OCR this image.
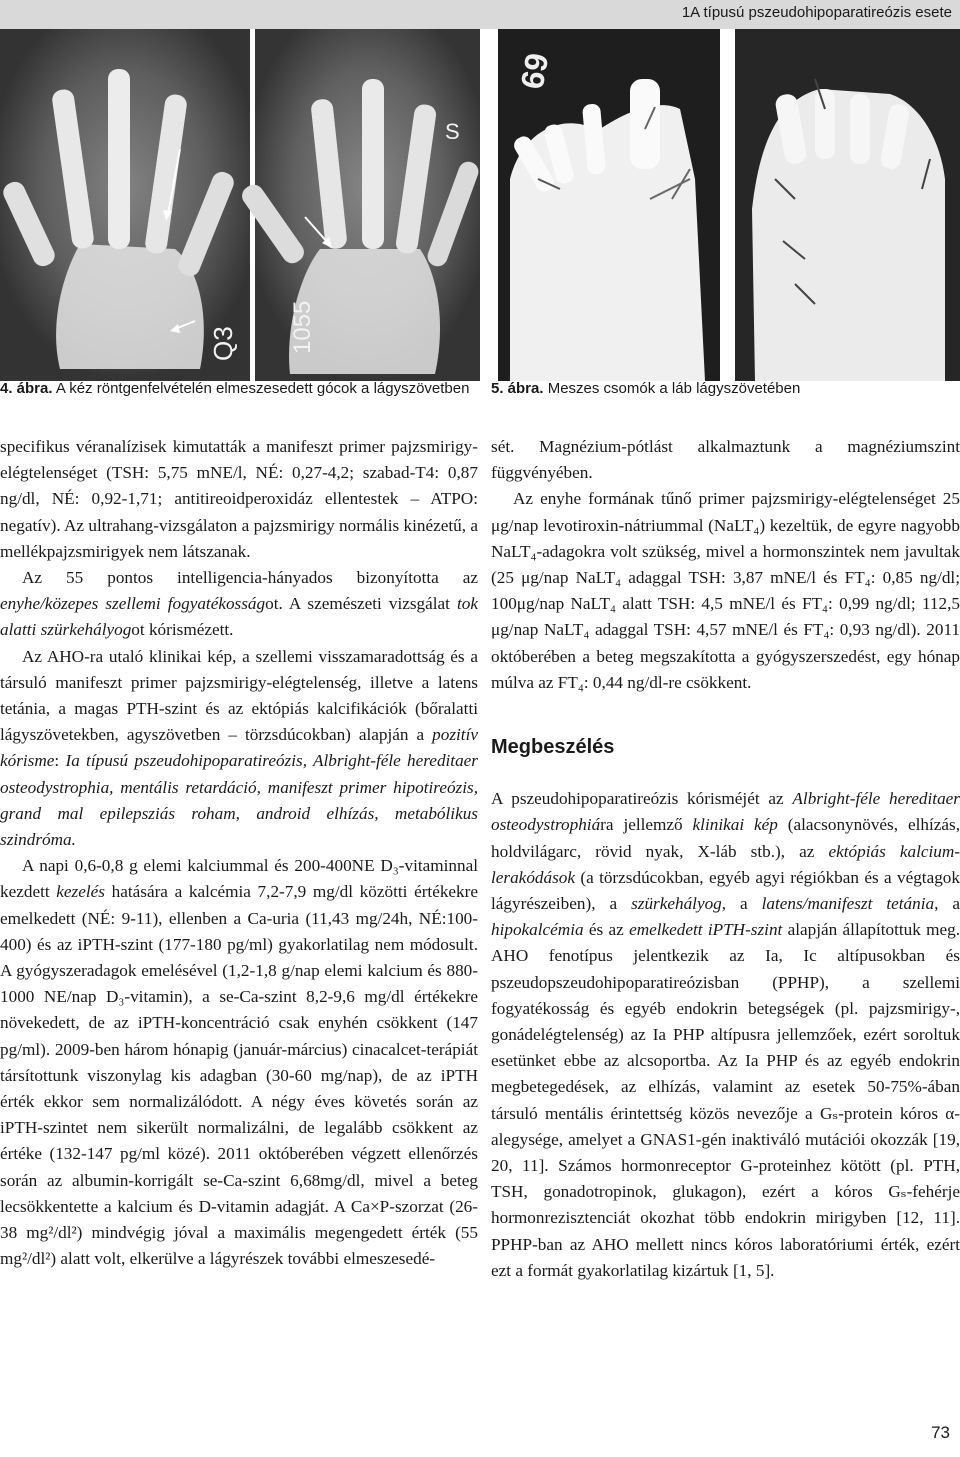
1A típusú pszeudohipoparatireózis esete
S
Q3 1055
69
4. ábra. A kéz röntgenfelvételén elmeszesedett gócok a lágyszövetben 5. ábra. Meszes csomók a láb lágyszövetében

specifikus véranalízisek kimutatták a manifeszt primer pajzsmirigy-elégtelenséget (TSH: 5,75 mNE/l, NÉ: 0,27-4,2; szabad-T4: 0,87 ng/dl, NÉ: 0,92-1,71; antitireoidperoxidáz ellentestek – ATPO: negatív). Az ultrahang-vizsgálaton a pajzsmirigy normális kinézetű, a mellékpajzsmirigyek nem látszanak.

Az 55 pontos intelligencia-hányados bizonyította az enyhe/közepes szellemi fogyatékosságot. A szemészeti vizsgálat tok alatti szürkehályogot kórismézett.

Az AHO-ra utaló klinikai kép, a szellemi visszamaradottság és a társuló manifeszt primer pajzsmirigy-elégtelenség, illetve a latens tetánia, a magas PTH-szint és az ektópiás kalcifikációk (bőralatti lágyszövetekben, agyszövetben – törzsdúcokban) alapján a pozitív kórisme: Ia típusú pszeudohipoparatireózis, Albright-féle hereditaer osteodystrophia, mentális retardáció, manifeszt primer hipotireózis, grand mal epilepsziás roham, android elhízás, metabólikus szindróma.

A napi 0,6-0,8 g elemi kalciummal és 200-400NE D₃-vitaminnal kezdett kezelés hatására a kalcémia 7,2-7,9 mg/dl közötti értékekre emelkedett (NÉ: 9-11), ellenben a Ca-uria (11,43 mg/24h, NÉ:100-400) és az iPTH-szint (177-180 pg/ml) gyakorlatilag nem módosult. A gyógyszeradagok emelésével (1,2-1,8 g/nap elemi kalcium és 880-1000 NE/nap D₃-vitamin), a se-Ca-szint 8,2-9,6 mg/dl értékekre növekedett, de az iPTH-koncentráció csak enyhén csökkent (147 pg/ml). 2009-ben három hónapig (január-március) cinacalcet-terápiát társítottunk viszonylag kis adagban (30-60 mg/nap), de az iPTH érték ekkor sem normalizálódott. A négy éves követés során az iPTH-szintet nem sikerült normalizálni, de legalább csökkent az értéke (132-147 pg/ml közé). 2011 októberében végzett ellenőrzés során az albumin-korrigált se-Ca-szint 6,68mg/dl, mivel a beteg lecsökkentette a kalcium és D-vitamin adagját. A Ca×P-szorzat (26-38 mg²/dl²) mindvégig jóval a maximális megengedett érték (55 mg²/dl²) alatt volt, elkerülve a lágyrészek további elmeszesedé-

sét. Magnézium-pótlást alkalmaztunk a magnéziumszint függvényében.

Az enyhe formának tűnő primer pajzsmirigy-elégtelenséget 25 μg/nap levotiroxin-nátriummal (NaLT₄) kezeltük, de egyre nagyobb NaLT₄-adagokra volt szükség, mivel a hormonszintek nem javultak (25 μg/nap NaLT₄ adaggal TSH: 3,87 mNE/l és FT₄: 0,85 ng/dl; 100μg/nap NaLT₄ alatt TSH: 4,5 mNE/l és FT₄: 0,99 ng/dl; 112,5 μg/nap NaLT₄ adaggal TSH: 4,57 mNE/l és FT₄: 0,93 ng/dl). 2011 októberében a beteg megszakította a gyógyszerszedést, egy hónap múlva az FT₄: 0,44 ng/dl-re csökkent.

Megbeszélés

A pszeudohipoparatireózis kórisméjét az Albright-féle hereditaer osteodystrophiára jellemző klinikai kép (alacsonynövés, elhízás, holdvilágarc, rövid nyak, X-láb stb.), az ektópiás kalcium-lerakódások (a törzsdúcokban, egyéb agyi régiókban és a végtagok lágyrészeiben), a szürkehályog, a latens/manifeszt tetánia, a hipokalcémia és az emelkedett iPTH-szint alapján állapítottuk meg. AHO fenotípus jelentkezik az Ia, Ic altípusokban és pszeudopszeudohipoparatireózisban (PPHP), a szellemi fogyatékosság és egyéb endokrin betegségek (pl. pajzsmirigy-, gonádelégtelenség) az Ia PHP altípusra jellemzőek, ezért soroltuk esetünket ebbe az alcsoportba. Az Ia PHP és az egyéb endokrin megbetegedések, az elhízás, valamint az esetek 50-75%-ában társuló mentális érintettség közös nevezője a Gₛ-protein kóros α-alegysége, amelyet a GNAS1-gén inaktiváló mutációi okozzák [19, 20, 11]. Számos hormonreceptor G-proteinhez kötött (pl. PTH, TSH, gonadotropinok, glukagon), ezért a kóros Gₛ-fehérje hormonrezisztenciát okozhat több endokrin mirigyben [12, 11]. PPHP-ban az AHO mellett nincs kóros laboratóriumi érték, ezért ezt a formát gyakorlatilag kizártuk [1, 5].

73
